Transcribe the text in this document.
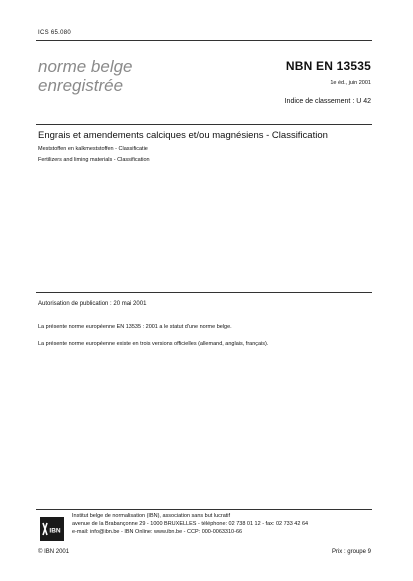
ICS 65.080
norme belge
enregistrée
NBN EN 13535
1e éd., juin 2001
Indice de classement : U 42
Engrais et amendements calciques et/ou magnésiens - Classification
Meststoffen en kalkmeststoffen - Classificatie
Fertilizers and liming materials - Classification
Autorisation de publication : 20 mai 2001
La présente norme européenne EN 13535 : 2001 a le statut d'une norme belge.
La présente norme européenne existe en trois versions officielles (allemand, anglais, français).
IBN
Institut belge de normalisation (IBN), association sans but lucratif
avenue de la Brabançonne 29 - 1000 BRUXELLES - téléphone: 02 738 01 12 - fax: 02 733 42 64
e-mail: info@ibn.be - IBN Online: www.ibn.be - CCP: 000-0063310-66
© IBN 2001	Prix : groupe 9
